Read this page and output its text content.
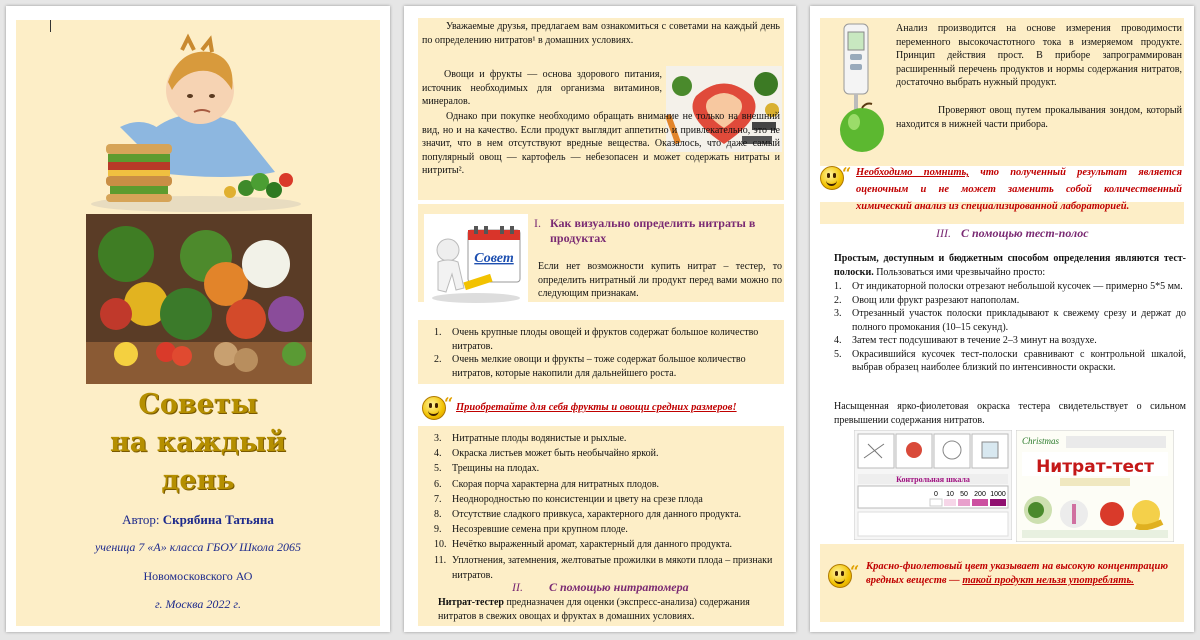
Советы
на каждый
день
Автор: Скрябина Татьяна
ученица 7 «А» класса ГБОУ Школа 2065
Новомосковского АО
г. Москва 2022 г.
Уважаемые друзья, предлагаем вам ознакомиться с советами на каждый день по определению нитратов¹ в домашних условиях.
Овощи и фрукты — основа здорового питания, источник необходимых для организма витаминов, минералов.
Однако при покупке необходимо обращать внимание не только на внешний вид, но и на качество. Если продукт выглядит аппетитно и привлекательно, это не значит, что в нем отсутствуют вредные вещества. Оказалось, что даже самый популярный овощ — картофель — небезопасен и может содержать нитраты и нитриты².
Совет
I. Как визуально определить нитраты в продуктах
Если нет возможности купить нитрат – тестер, то определить нитратный ли продукт перед вами можно по следующим признакам.
1. Очень крупные плоды овощей и фруктов содержат большое количество нитратов.
2. Очень мелкие овощи и фрукты – тоже содержат большое количество нитратов, которые накопили для дальнейшего роста.
“ Приобретайте для себя фрукты и овощи средних размеров!
3. Нитратные плоды водянистые и рыхлые.
4. Окраска листьев может быть необычайно яркой.
5. Трещины на плодах.
6. Скорая порча характерна для нитратных плодов.
7. Неоднородностью по консистенции и цвету на срезе плода
8. Отсутствие сладкого привкуса, характерного для данного продукта.
9. Несозревшие семена при крупном плоде.
10. Нечётко выраженный аромат, характерный для данного продукта.
11. Уплотнения, затемнения, желтоватые прожилки в мякоти плода – признаки нитратов.
II. С помощью нитратомера
Нитрат-тестер предназначен для оценки (экспресс-анализа) содержания нитратов в свежих овощах и фруктах в домашних условиях.
Анализ производится на основе измерения проводимости переменного высокочастотного тока в измеряемом продукте. Принцип действия прост. В приборе запрограммирован расширенный перечень продуктов и нормы содержания нитратов, достаточно выбрать нужный продукт.
Проверяют овощ путем прокалывания зондом, который находится в нижней части прибора.
“ Необходимо помнить, что полученный результат является оценочным и не может заменить собой количественный химический анализ из специализированной лабораторией.
III. С помощью тест-полос
Простым, доступным и бюджетным способом определения являются тест-полоски. Пользоваться ими чрезвычайно просто:
1. От индикаторной полоски отрезают небольшой кусочек — примерно 5*5 мм.
2. Овощ или фрукт разрезают напополам.
3. Отрезанный участок полоски прикладывают к свежему срезу и держат до полного промокания (10–15 секунд).
4. Затем тест подсушивают в течение 2–3 минут на воздухе.
5. Окрасившийся кусочек тест-полоски сравнивают с контрольной шкалой, выбрав образец наиболее близкий по интенсивности окраски.
Насыщенная ярко-фиолетовая окраска тестера свидетельствует о сильном превышении содержания нитратов.
Контрольная шкала
0 10 50 200 1000
Christmas
Нитрат-тест
“ Красно-фиолетовый цвет указывает на высокую концентрацию вредных веществ — такой продукт нельзя употреблять.
